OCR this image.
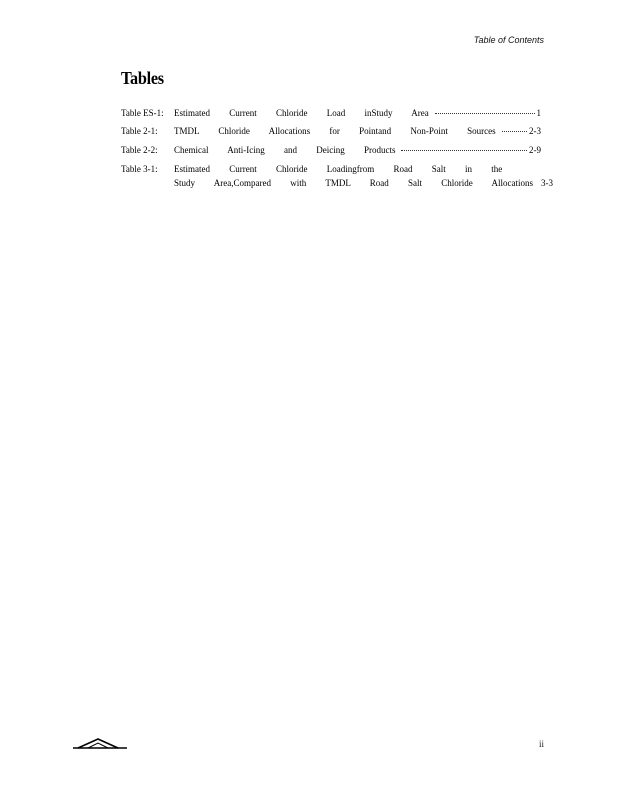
Table of Contents
Tables
Table ES-1:	Estimated Current Chloride Load inStudy Area	1
Table 2-1:	TMDL Chloride Allocations for Pointand Non-Point Sources	2-3
Table 2-2:	Chemical Anti-Icing and Deicing Products	2-9
Table 3-1:	Estimated Current Chloride Loadingfrom Road Salt in the
Study Area,Compared with TMDL Road Salt Chloride Allocations 3-3
ii
